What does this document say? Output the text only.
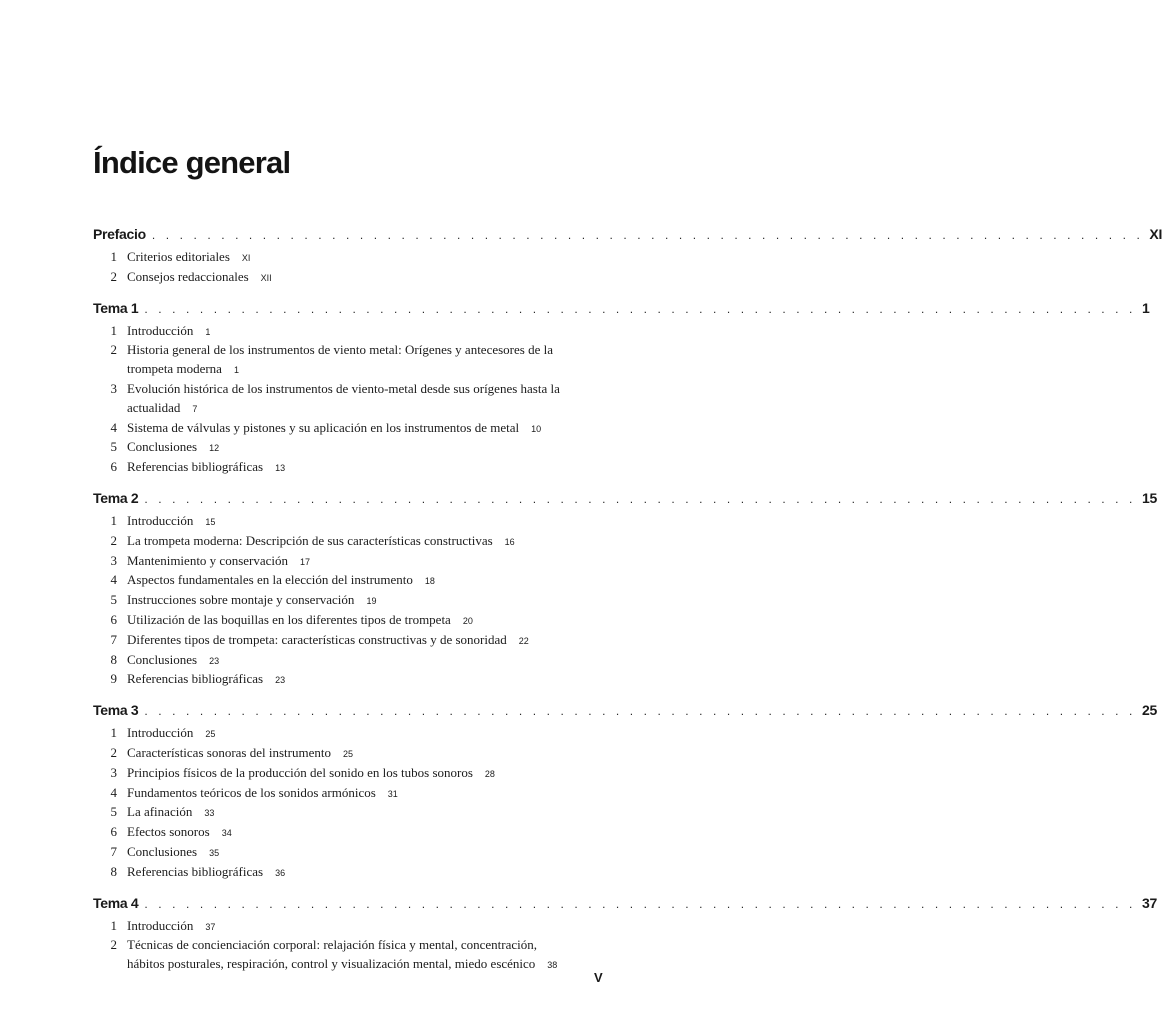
Índice general
Prefacio . . . . . . . . . . . . . . . . . . . . . . . . . . . . . . . . . . . . . . . . . . . . . . . . . . . . . . . . . . . . . . . . . . . . . . . . XI
1 Criterios editoriales XI
2 Consejos redaccionales XII
Tema 1 . . . . . . . . . . . . . . . . . . . . . . . . . . . . . . . . . . . . . . . . . . . . . . . . . . . . . . . . . . . . . . . . . . . . . . . . 1
1 Introducción 1
2 Historia general de los instrumentos de viento metal: Orígenes y antecesores de la trompeta moderna 1
3 Evolución histórica de los instrumentos de viento-metal desde sus orígenes hasta la actualidad 7
4 Sistema de válvulas y pistones y su aplicación en los instrumentos de metal 10
5 Conclusiones 12
6 Referencias bibliográficas 13
Tema 2 . . . . . . . . . . . . . . . . . . . . . . . . . . . . . . . . . . . . . . . . . . . . . . . . . . . . . . . . . . . . . . . . . . . . . . . . 15
1 Introducción 15
2 La trompeta moderna: Descripción de sus características constructivas 16
3 Mantenimiento y conservación 17
4 Aspectos fundamentales en la elección del instrumento 18
5 Instrucciones sobre montaje y conservación 19
6 Utilización de las boquillas en los diferentes tipos de trompeta 20
7 Diferentes tipos de trompeta: características constructivas y de sonoridad 22
8 Conclusiones 23
9 Referencias bibliográficas 23
Tema 3 . . . . . . . . . . . . . . . . . . . . . . . . . . . . . . . . . . . . . . . . . . . . . . . . . . . . . . . . . . . . . . . . . . . . . . . . 25
1 Introducción 25
2 Características sonoras del instrumento 25
3 Principios físicos de la producción del sonido en los tubos sonoros 28
4 Fundamentos teóricos de los sonidos armónicos 31
5 La afinación 33
6 Efectos sonoros 34
7 Conclusiones 35
8 Referencias bibliográficas 36
Tema 4 . . . . . . . . . . . . . . . . . . . . . . . . . . . . . . . . . . . . . . . . . . . . . . . . . . . . . . . . . . . . . . . . . . . . . . . . 37
1 Introducción 37
2 Técnicas de concienciación corporal: relajación física y mental, concentración, hábitos posturales, respiración, control y visualización mental, miedo escénico 38
V
